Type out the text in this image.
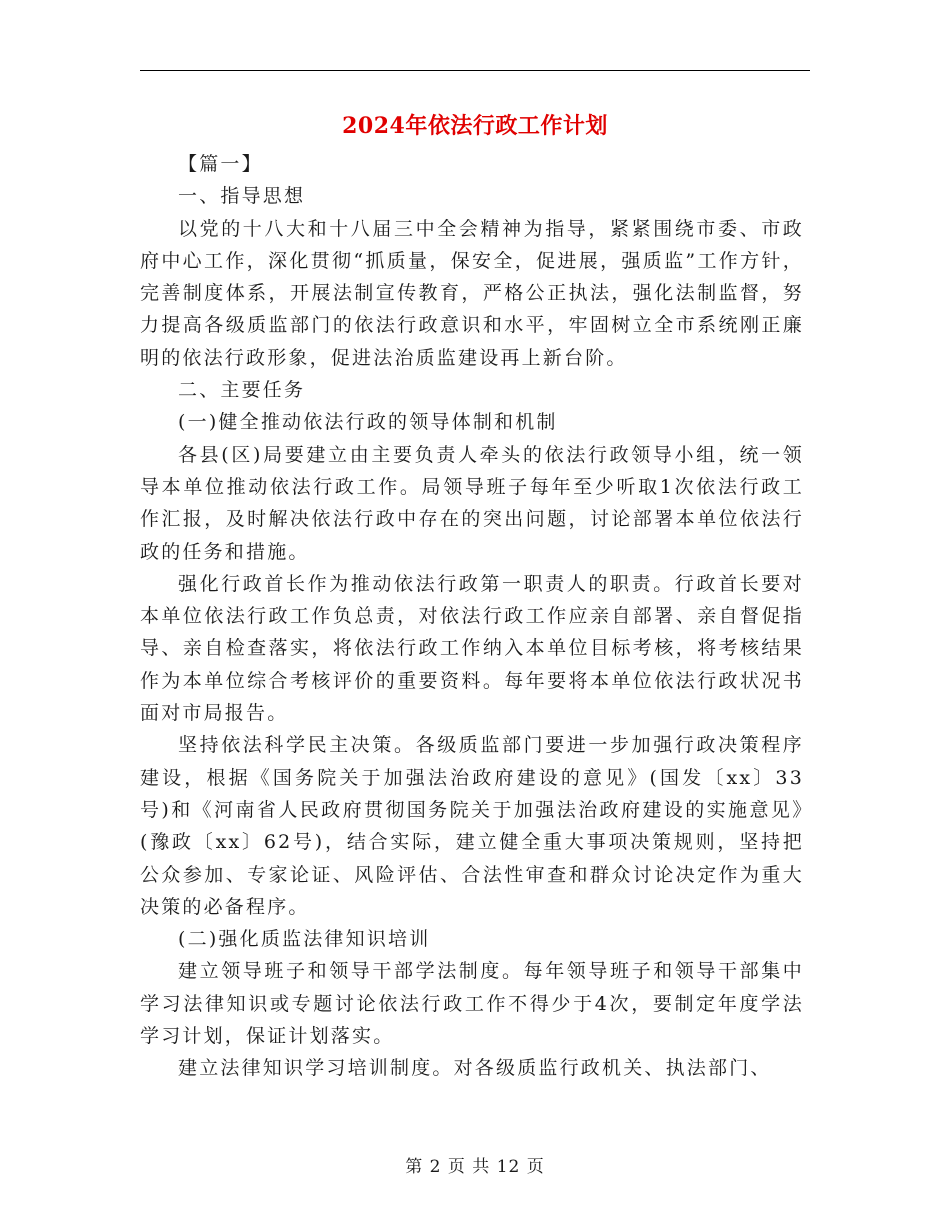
2024年依法行政工作计划

【篇一】

一、指导思想

以党的十八大和十八届三中全会精神为指导，紧紧围绕市委、市政府中心工作，深化贯彻“抓质量，保安全，促进展，强质监”工作方针，完善制度体系，开展法制宣传教育，严格公正执法，强化法制监督，努力提高各级质监部门的依法行政意识和水平，牢固树立全市系统刚正廉明的依法行政形象，促进法治质监建设再上新台阶。

二、主要任务

(一)健全推动依法行政的领导体制和机制

各县(区)局要建立由主要负责人牵头的依法行政领导小组，统一领导本单位推动依法行政工作。局领导班子每年至少听取1次依法行政工作汇报，及时解决依法行政中存在的突出问题，讨论部署本单位依法行政的任务和措施。

强化行政首长作为推动依法行政第一职责人的职责。行政首长要对本单位依法行政工作负总责，对依法行政工作应亲自部署、亲自督促指导、亲自检查落实，将依法行政工作纳入本单位目标考核，将考核结果作为本单位综合考核评价的重要资料。每年要将本单位依法行政状况书面对市局报告。

坚持依法科学民主决策。各级质监部门要进一步加强行政决策程序建设，根据《国务院关于加强法治政府建设的意见》(国发〔xx〕33号)和《河南省人民政府贯彻国务院关于加强法治政府建设的实施意见》(豫政〔xx〕62号)，结合实际，建立健全重大事项决策规则，坚持把公众参加、专家论证、风险评估、合法性审查和群众讨论决定作为重大决策的必备程序。

(二)强化质监法律知识培训

建立领导班子和领导干部学法制度。每年领导班子和领导干部集中学习法律知识或专题讨论依法行政工作不得少于4次，要制定年度学法学习计划，保证计划落实。

建立法律知识学习培训制度。对各级质监行政机关、执法部门、

第 2 页 共 12 页
